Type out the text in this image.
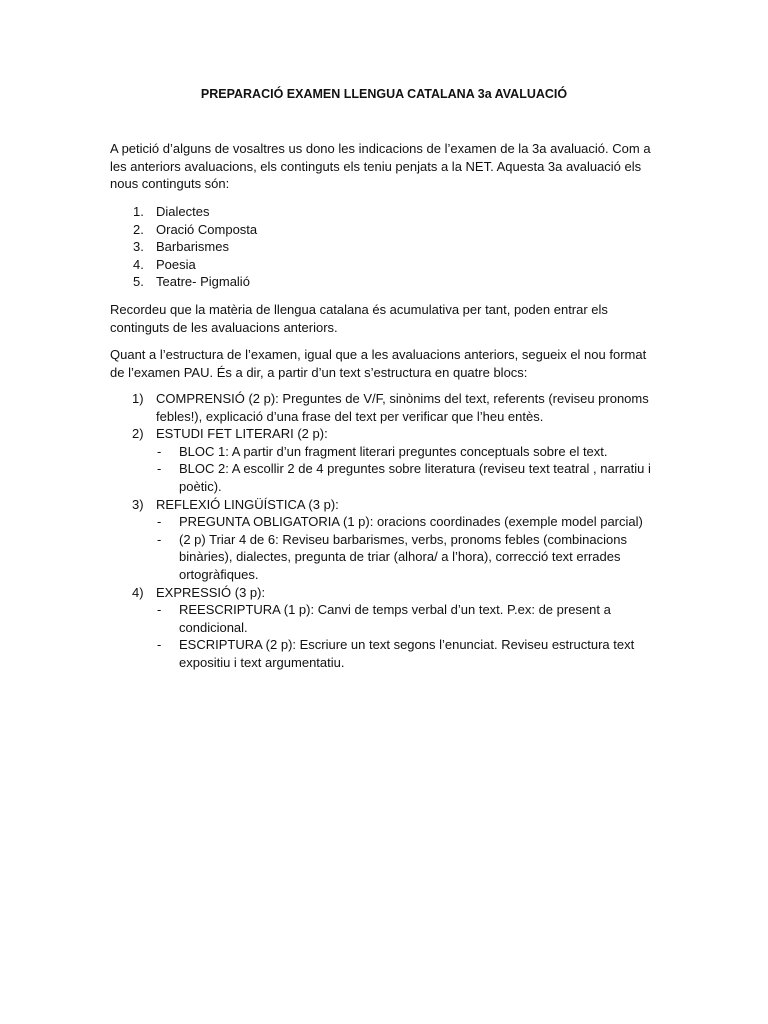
PREPARACIÓ EXAMEN LLENGUA CATALANA 3a AVALUACIÓ

A petició d’alguns de vosaltres us dono les indicacions de l’examen de la 3a avaluació. Com a les anteriors avaluacions, els continguts els teniu penjats a la NET. Aquesta 3a avaluació els nous continguts són:

1. Dialectes
2. Oració Composta
3. Barbarismes
4. Poesia
5. Teatre- Pigmalió

Recordeu que la matèria de llengua catalana és acumulativa per tant, poden entrar els continguts de les avaluacions anteriors.

Quant a l’estructura de l’examen, igual que a les avaluacions anteriors, segueix el nou format de l’examen PAU. És a dir, a partir d’un text s’estructura en quatre blocs:

1) COMPRENSIÓ (2 p): Preguntes de V/F, sinònims del text, referents (reviseu pronoms febles!), explicació d’una frase del text per verificar que l’heu entès.
2) ESTUDI FET LITERARI (2 p):
- BLOC 1: A partir d’un fragment literari preguntes conceptuals sobre el text.
- BLOC 2: A escollir 2 de 4 preguntes sobre literatura (reviseu text teatral , narratiu i poètic).
3) REFLEXIÓ LINGÜÍSTICA (3 p):
- PREGUNTA OBLIGATORIA (1 p): oracions coordinades (exemple model parcial)
- (2 p) Triar 4 de 6: Reviseu barbarismes, verbs, pronoms febles (combinacions binàries), dialectes, pregunta de triar (alhora/ a l’hora), correcció text errades ortogràfiques.
4) EXPRESSIÓ (3 p):
- REESCRIPTURA (1 p): Canvi de temps verbal d’un text. P.ex: de present a condicional.
- ESCRIPTURA (2 p): Escriure un text segons l’enunciat. Reviseu estructura text expositiu i text argumentatiu.
